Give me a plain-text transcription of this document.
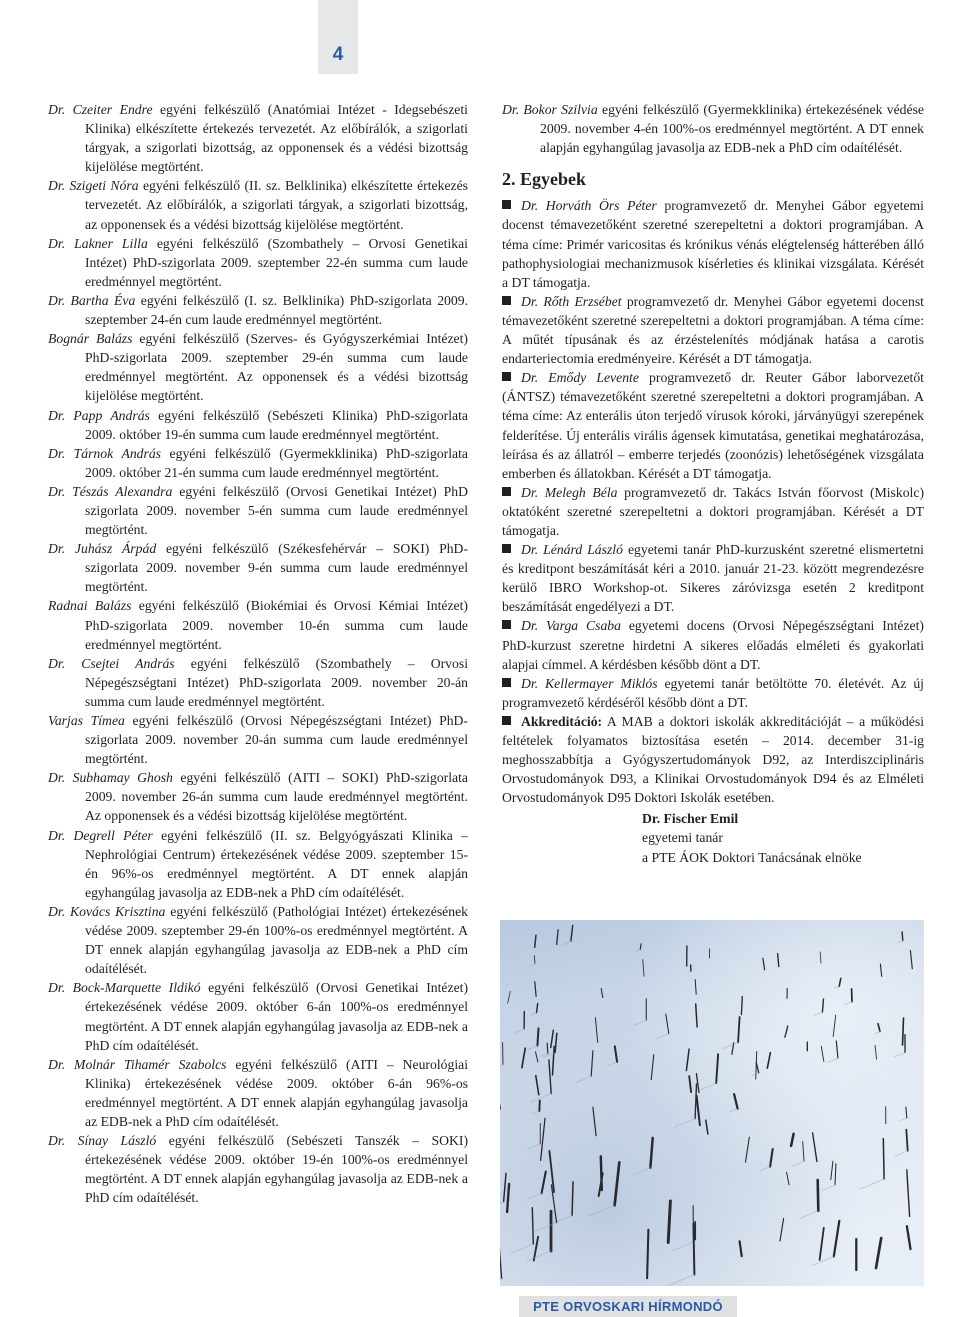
4

Dr. Czeiter Endre egyéni felkészülő (Anatómiai Intézet - Idegsebészeti Klinika) elkészítette értekezés tervezetét. Az előbírálók, a szigorlati tárgyak, a szigorlati bizottság, az opponensek és a védési bizottság kijelölése megtörtént.

Dr. Szigeti Nóra egyéni felkészülő (II. sz. Belklinika) elkészítette értekezés tervezetét. Az előbírálók, a szigorlati tárgyak, a szigorlati bizottság, az opponensek és a védési bizottság kijelölése megtörtént.

Dr. Lakner Lilla egyéni felkészülő (Szombathely – Orvosi Genetikai Intézet) PhD-szigorlata 2009. szeptember 22-én summa cum laude eredménnyel megtörtént.

Dr. Bartha Éva egyéni felkészülő (I. sz. Belklinika) PhD-szigorlata 2009. szeptember 24-én cum laude eredménnyel megtörtént.

Bognár Balázs egyéni felkészülő (Szerves- és Gyógyszerkémiai Intézet) PhD-szigorlata 2009. szeptember 29-én summa cum laude eredménnyel megtörtént. Az opponensek és a védési bizottság kijelölése megtörtént.

Dr. Papp András egyéni felkészülő (Sebészeti Klinika) PhD-szigorlata 2009. október 19-én summa cum laude eredménnyel megtörtént.

Dr. Tárnok András egyéni felkészülő (Gyermekklinika) PhD-szigorlata 2009. október 21-én summa cum laude eredménnyel megtörtént.

Dr. Tészás Alexandra egyéni felkészülő (Orvosi Genetikai Intézet) PhD szigorlata 2009. november 5-én summa cum laude eredménnyel megtörtént.

Dr. Juhász Árpád egyéni felkészülő (Székesfehérvár – SOKI) PhD-szigorlata 2009. november 9-én summa cum laude eredménnyel megtörtént.

Radnai Balázs egyéni felkészülő (Biokémiai és Orvosi Kémiai Intézet) PhD-szigorlata 2009. november 10-én summa cum laude eredménnyel megtörtént.

Dr. Csejtei András egyéni felkészülő (Szombathely – Orvosi Népegészségtani Intézet) PhD-szigorlata 2009. november 20-án summa cum laude eredménnyel megtörtént.

Varjas Tímea egyéni felkészülő (Orvosi Népegészségtani Intézet) PhD-szigorlata 2009. november 20-án summa cum laude eredménnyel megtörtént.

Dr. Subhamay Ghosh egyéni felkészülő (AITI – SOKI) PhD-szigorlata 2009. november 26-án summa cum laude eredménnyel megtörtént. Az opponensek és a védési bizottság kijelölése megtörtént.

Dr. Degrell Péter egyéni felkészülő (II. sz. Belgyógyászati Klinika – Nephrológiai Centrum) értekezésének védése 2009. szeptember 15-én 96%-os eredménnyel megtörtént. A DT ennek alapján egyhangúlag javasolja az EDB-nek a PhD cím odaítélését.

Dr. Kovács Krisztina egyéni felkészülő (Pathológiai Intézet) értekezésének védése 2009. szeptember 29-én 100%-os eredménnyel megtörtént. A DT ennek alapján egyhangúlag javasolja az EDB-nek a PhD cím odaítélését.

Dr. Bock-Marquette Ildikó egyéni felkészülő (Orvosi Genetikai Intézet) értekezésének védése 2009. október 6-án 100%-os eredménnyel megtörtént. A DT ennek alapján egyhangúlag javasolja az EDB-nek a PhD cím odaítélését.

Dr. Molnár Tihamér Szabolcs egyéni felkészülő (AITI – Neurológiai Klinika) értekezésének védése 2009. október 6-án 96%-os eredménnyel megtörtént. A DT ennek alapján egyhangúlag javasolja az EDB-nek a PhD cím odaítélését.

Dr. Sínay László egyéni felkészülő (Sebészeti Tanszék – SOKI) értekezésének védése 2009. október 19-én 100%-os eredménnyel megtörtént. A DT ennek alapján egyhangúlag javasolja az EDB-nek a PhD cím odaítélését.

Dr. Bokor Szilvia egyéni felkészülő (Gyermekklinika) értekezésének védése 2009. november 4-én 100%-os eredménnyel megtörtént. A DT ennek alapján egyhangúlag javasolja az EDB-nek a PhD cím odaítélését.

2. Egyebek

Dr. Horváth Örs Péter programvezető dr. Menyhei Gábor egyetemi docenst témavezetőként szeretné szerepeltetni a doktori programjában. A téma címe: Primér varicositas és krónikus vénás elégtelenség hátterében álló pathophysiologiai mechanizmusok kísérleties és klinikai vizsgálata. Kérését a DT támogatja.

Dr. Rőth Erzsébet programvezető dr. Menyhei Gábor egyetemi docenst témavezetőként szeretné szerepeltetni a doktori programjában. A téma címe: A műtét típusának és az érzéstelenítés módjának hatása a carotis endarteriectomia eredményeire. Kérését a DT támogatja.

Dr. Emődy Levente programvezető dr. Reuter Gábor laborvezetőt (ÁNTSZ) témavezetőként szeretné szerepeltetni a doktori programjában. A téma címe: Az enterális úton terjedő vírusok kóroki, járványügyi szerepének felderítése. Új enterális virális ágensek kimutatása, genetikai meghatározása, leírása és az állatról – emberre terjedés (zoonózis) lehetőségének vizsgálata emberben és állatokban. Kérését a DT támogatja.

Dr. Melegh Béla programvezető dr. Takács István főorvost (Miskolc) oktatóként szeretné szerepeltetni a doktori programjában. Kérését a DT támogatja.

Dr. Lénárd László egyetemi tanár PhD-kurzusként szeretné elismertetni és kreditpont beszámítását kéri a 2010. január 21-23. között megrendezésre kerülő IBRO Workshop-ot. Sikeres záróvizsga esetén 2 kreditpont beszámítását engedélyezi a DT.

Dr. Varga Csaba egyetemi docens (Orvosi Népegészségtani Intézet) PhD-kurzust szeretne hirdetni A sikeres előadás elméleti és gyakorlati alapjai címmel. A kérdésben később dönt a DT.

Dr. Kellermayer Miklós egyetemi tanár betöltötte 70. életévét. Az új programvezető kérdéséről később dönt a DT.

Akkreditáció: A MAB a doktori iskolák akkreditációját – a működési feltételek folyamatos biztosítása esetén – 2014. december 31-ig meghosszabbítja a Gyógyszertudományok D92, az Interdiszciplináris Orvostudományok D93, a Klinikai Orvostudományok D94 és az Elméleti Orvostudományok D95 Doktori Iskolák esetében.

Dr. Fischer Emil
egyetemi tanár
a PTE ÁOK Doktori Tanácsának elnöke
PTE ORVOSKARI HÍRMONDÓ
